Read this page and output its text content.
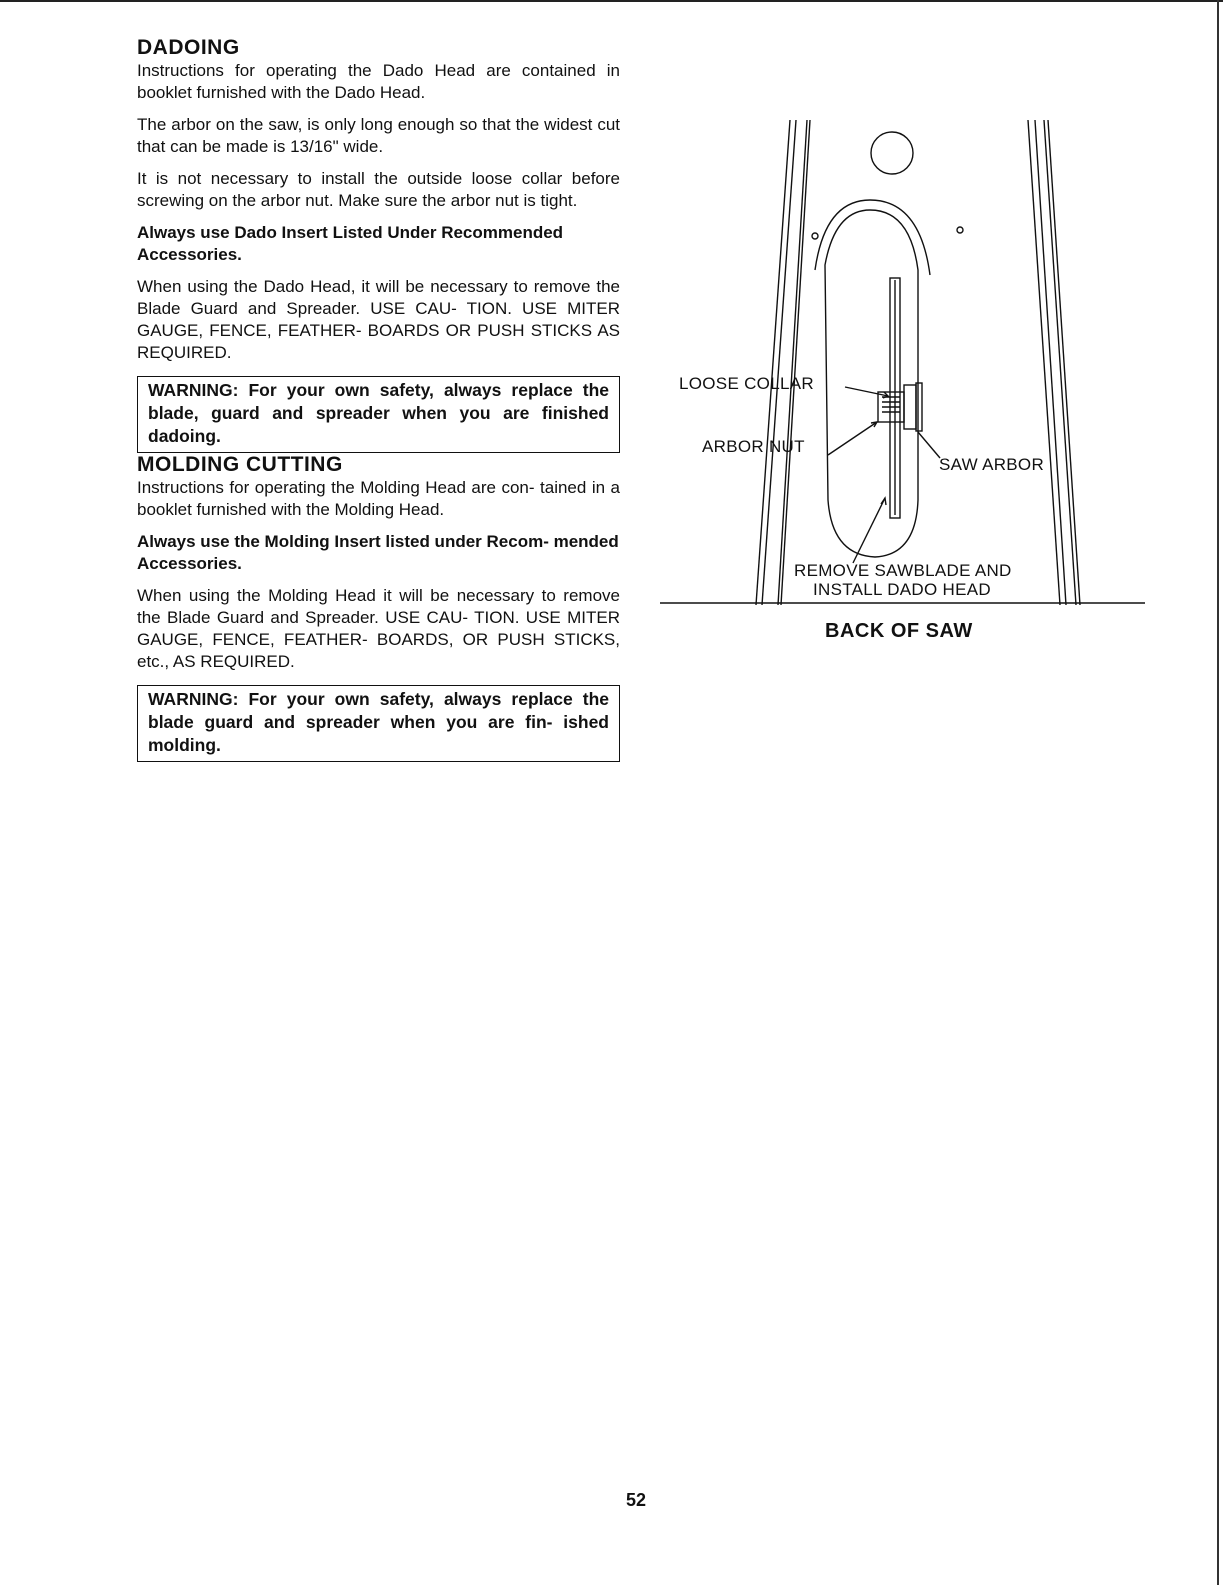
DADOING

Instructions for operating the Dado Head are contained in booklet furnished with the Dado Head.

The arbor on the saw, is only long enough so that the widest cut that can be made is 13/16" wide.

It is not necessary to install the outside loose collar before screwing on the arbor nut. Make sure the arbor nut is tight.

Always use Dado Insert Listed Under Recommended Accessories.

When using the Dado Head, it will be necessary to remove the Blade Guard and Spreader. USE CAU- TION. USE MITER GAUGE, FENCE, FEATHER- BOARDS OR PUSH STICKS AS REQUIRED.

WARNING: For your own safety, always replace the blade, guard and spreader when you are finished dadoing.
MOLDING CUTTING

Instructions for operating the Molding Head are con- tained in a booklet furnished with the Molding Head.

Always use the Molding Insert listed under Recom- mended Accessories.

When using the Molding Head it will be necessary to remove the Blade Guard and Spreader. USE CAU- TION. USE MITER GAUGE, FENCE, FEATHER- BOARDS, OR PUSH STICKS, etc., AS REQUIRED.

WARNING: For your own safety, always replace the blade guard and spreader when you are fin- ished molding.
LOOSE COLLAR
ARBOR NUT
SAW ARBOR
REMOVE SAWBLADE AND
INSTALL DADO HEAD
BACK OF SAW
52
